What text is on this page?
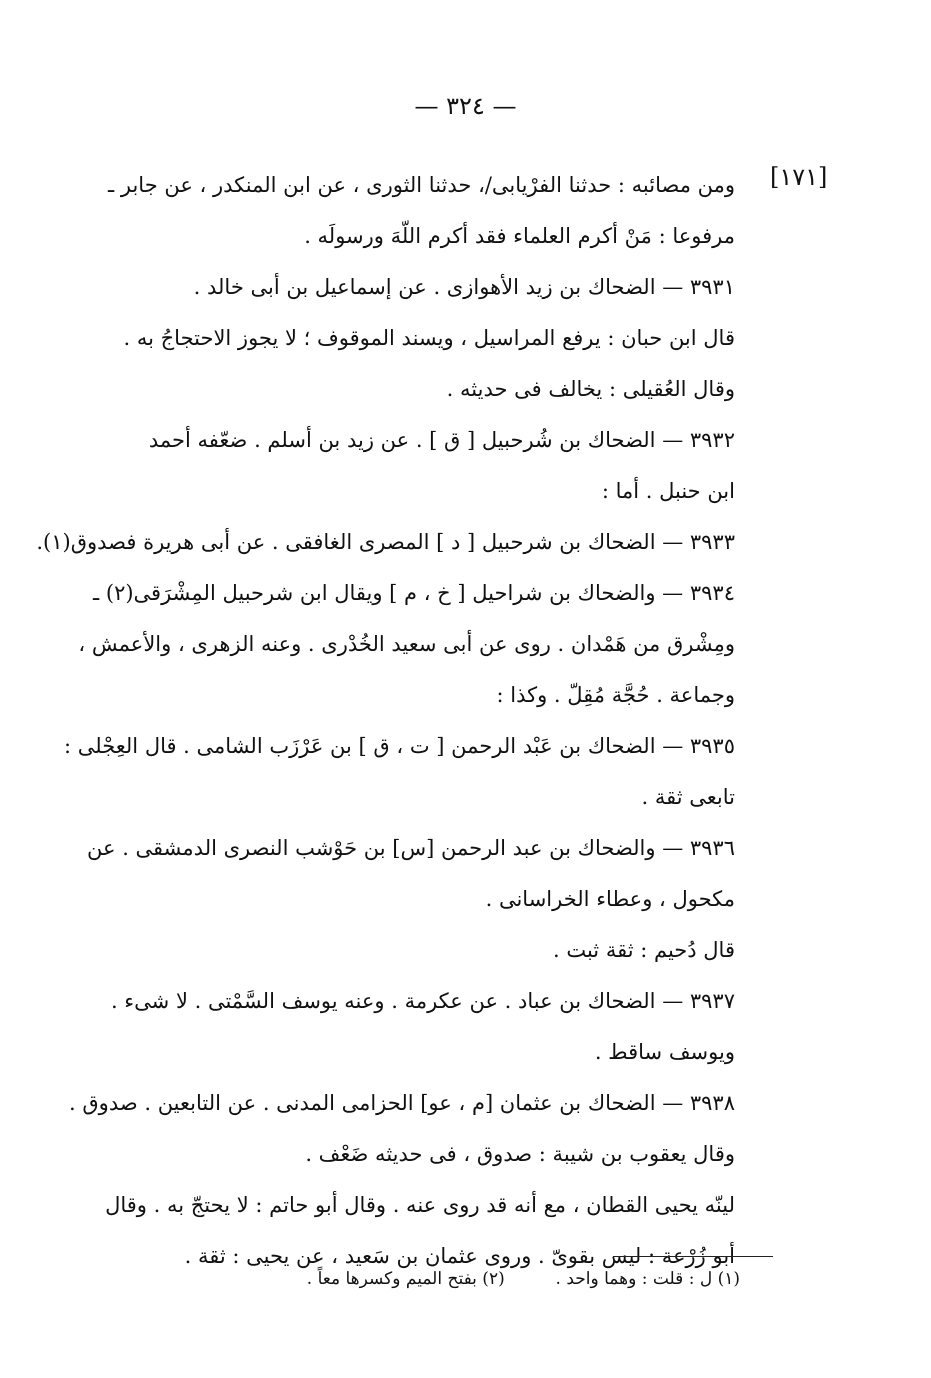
— ٣٢٤ —
[١٧١]
ومن مصائبه : حدثنا الفرْيابى/، حدثنا الثورى ، عن ابن المنكدر ، عن جابر ـ
مرفوعا : مَنْ أكرم العلماء فقد أكرم اللّهَ ورسولَه .
٣٩٣١ — الضحاك بن زيد الأهوازى . عن إسماعيل بن أبى خالد .
قال ابن حبان : يرفع المراسيل ، ويسند الموقوف ؛ لا يجوز الاحتجاجُ به .
وقال العُقيلى : يخالف فى حديثه .
٣٩٣٢ — الضحاك بن شُرحبيل [ ق ] . عن زيد بن أسلم . ضعّفه أحمد
ابن حنبل . أما :
٣٩٣٣ — الضحاك بن شرحبيل [ د ] المصرى الغافقى . عن أبى هريرة فصدوق(١).
٣٩٣٤ — والضحاك بن شراحيل [ خ ، م ] ويقال ابن شرحبيل المِشْرَقى(٢) ـ
ومِشْرق من هَمْدان . روى عن أبى سعيد الخُدْرى . وعنه الزهرى ، والأعمش ،
وجماعة . حُجَّة مُقِلّ . وكذا :
٣٩٣٥ — الضحاك بن عَبْد الرحمن [ ت ، ق ] بن عَرْزَب الشامى . قال العِجْلى :
تابعى ثقة .
٣٩٣٦ — والضحاك بن عبد الرحمن [س] بن حَوْشب النصرى الدمشقى . عن
مكحول ، وعطاء الخراسانى .
قال دُحيم : ثقة ثبت .
٣٩٣٧ — الضحاك بن عباد . عن عكرمة . وعنه يوسف السَّمْتى . لا شىء .
ويوسف ساقط .
٣٩٣٨ — الضحاك بن عثمان [م ، عو] الحزامى المدنى . عن التابعين . صدوق .
وقال يعقوب بن شيبة : صدوق ، فى حديثه ضَعْف .
لينّه يحيى القطان ، مع أنه قد روى عنه . وقال أبو حاتم : لا يحتجّ به . وقال
أبو زُرْعة : ليس بقوىّ . وروى عثمان بن سَعيد ، عن يحيى : ثقة .
(١) ل : قلت : وهما واحد .  (٢) بفتح الميم وكسرها معاً .
